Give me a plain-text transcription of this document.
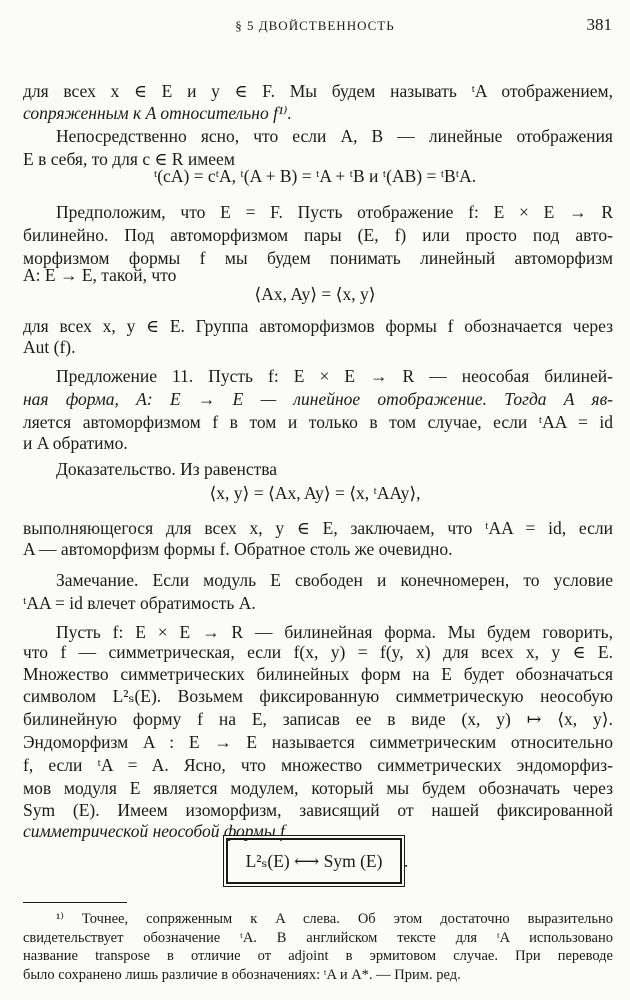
§ 5 ДВОЙСТВЕННОСТЬ	381
для всех x ∈ E и y ∈ F. Мы будем называть ᵗA отображением,
сопряженным к A относительно f¹⁾.
Непосредственно ясно, что если A, B — линейные отображения
E в себя, то для c ∈ R имеем
ᵗ(cA) = cᵗA, ᵗ(A + B) = ᵗA + ᵗB и ᵗ(AB) = ᵗBᵗA.
Предположим, что E = F. Пусть отображение f: E × E → R
билинейно. Под автоморфизмом пары (E, f) или просто под авто-
морфизмом формы f мы будем понимать линейный автоморфизм
A: E → E, такой, что
⟨Ax, Ay⟩ = ⟨x, y⟩
для всех x, y ∈ E. Группа автоморфизмов формы f обозначается через
Aut (f).
Предложение 11. Пусть f: E × E → R — неособая билиней-
ная форма, A: E → E — линейное отображение. Тогда A яв-
ляется автоморфизмом f в том и только в том случае, если ᵗAA = id
и A обратимо.
Доказательство. Из равенства
⟨x, y⟩ = ⟨Ax, Ay⟩ = ⟨x, ᵗAAy⟩,
выполняющегося для всех x, y ∈ E, заключаем, что ᵗAA = id, если
A — автоморфизм формы f. Обратное столь же очевидно.
Замечание. Если модуль E свободен и конечномерен, то условие
ᵗAA = id влечет обратимость A.
Пусть f: E × E → R — билинейная форма. Мы будем говорить,
что f — симметрическая, если f(x, y) = f(y, x) для всех x, y ∈ E.
Множество симметрических билинейных форм на E будет обозначаться
символом L²ₛ(E). Возьмем фиксированную симметрическую неособую
билинейную форму f на E, записав ее в виде (x, y) ↦ ⟨x, y⟩.
Эндоморфизм A : E → E называется симметрическим относительно
f, если ᵗA = A. Ясно, что множество симметрических эндоморфиз-
мов модуля E является модулем, который мы будем обозначать через
Sym (E). Имеем изоморфизм, зависящий от нашей фиксированной
симметрической неособой формы f,
L²ₛ(E) ⟷ Sym (E)	.
¹⁾ Точнее, сопряженным к A слева. Об этом достаточно выразительно
свидетельствует обозначение ᵗA. В английском тексте для ᵗA использовано
название transpose в отличие от adjoint в эрмитовом случае. При переводе
было сохранено лишь различие в обозначениях: ᵗA и A*. — Прим. ред.
